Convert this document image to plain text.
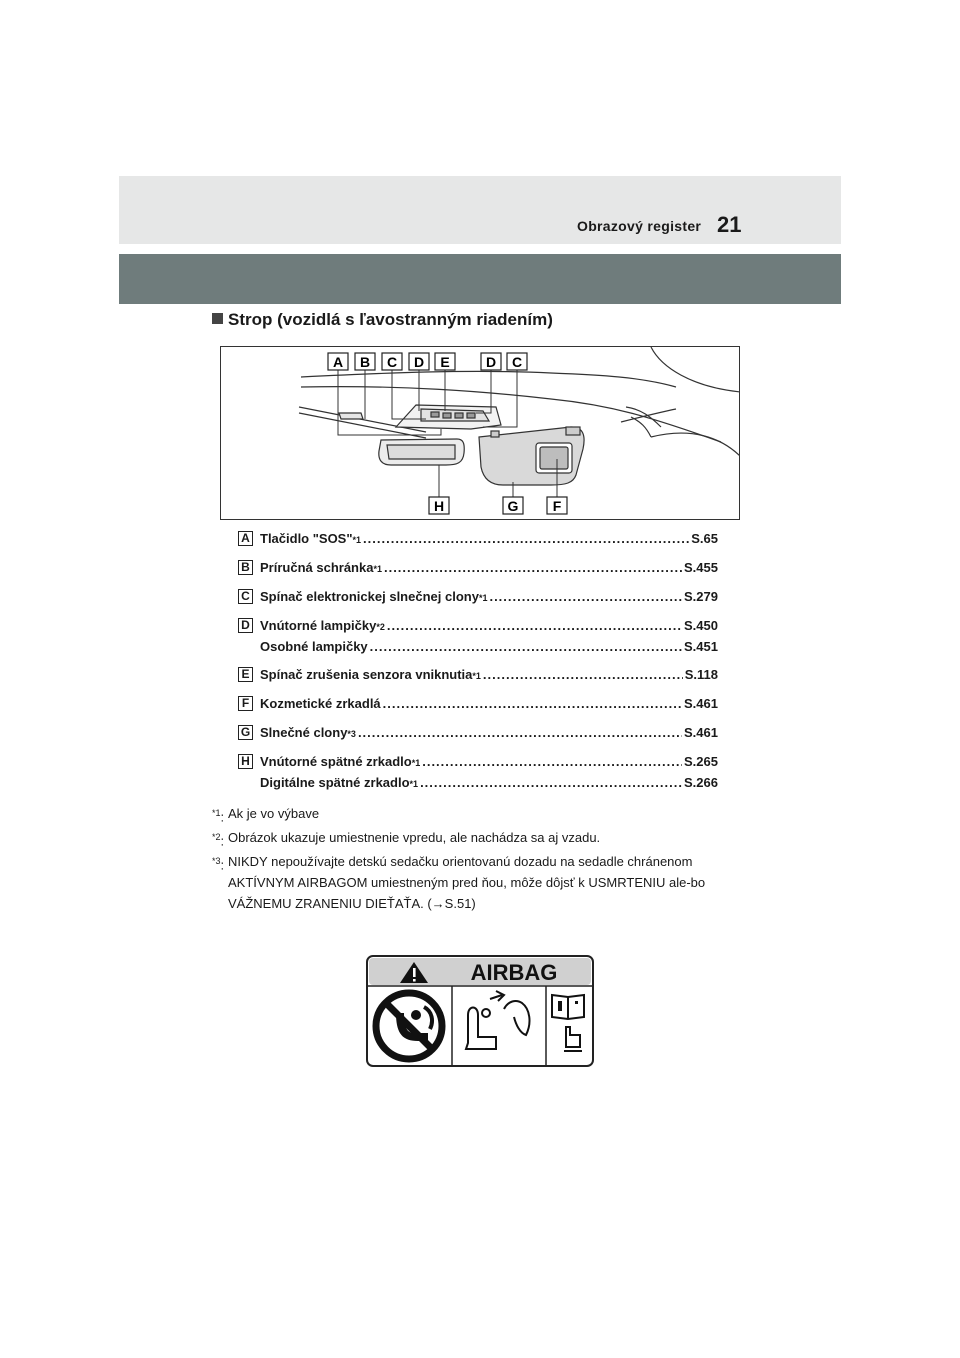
Obrazový register 21
Strop (vozidlá s ľavostranným riadením)
A B C D E	D C
H	G F
A Tlačidlo "SOS" *1 .....	S.65
B Príručná schránka *1 .....	S.455
C Spínač elektronickej slnečnej clony *1 .....	S.279
D Vnútorné lampičky *2 .....	S.450
Osobné lampičky .....	S.451
E Spínač zrušenia senzora vniknutia *1 .....	S.118
F Kozmetické zrkadlá .....	S.461
G Slnečné clony *3 .....	S.461
H Vnútorné spätné zrkadlo *1 .....	S.265
Digitálne spätné zrkadlo *1 .....	S.266
$^{*1}$: Ak je vo výbave
$^{*2}$: Obrázok ukazuje umiestnenie vpredu, ale nachádza sa aj vzadu.
$^{*3}$: NIKDY nepoužívajte detskú sedačku orientovanú dozadu na sedadle chránenom AKTÍVNYM AIRBAGOM umiestneným pred ňou, môže dôjsť k USMRTENIU ale-bo VÁŽNEMU ZRANENIU DIEŤAŤA. (→S.51)
AIRBAG
